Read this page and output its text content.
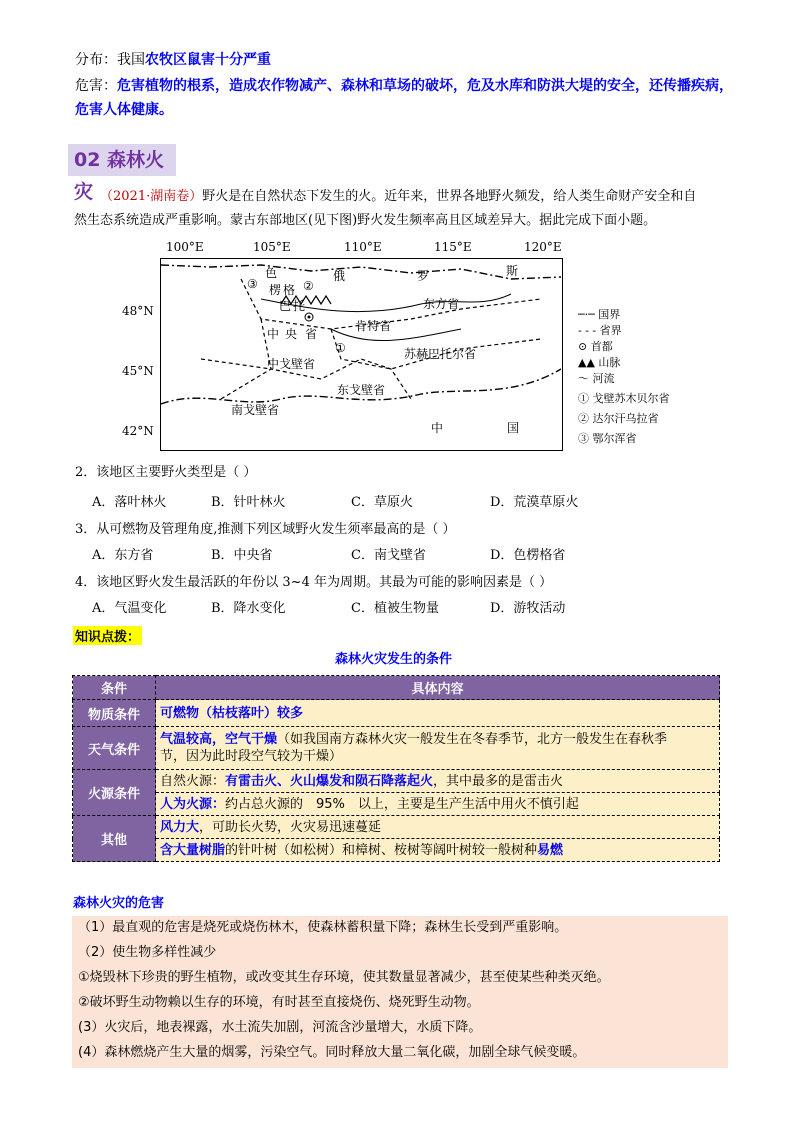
分布：我国农牧区鼠害十分严重
危害：危害植物的根系，造成农作物减产、森林和草场的破坏，危及水库和防洪大堤的安全，还传播疾病，
危害人体健康。
02 森林火灾 （2021·湖南卷）野火是在自然状态下发生的火。近年来，世界各地野火频发，给人类生命财产安全和自
然生态系统造成严重影响。蒙古东部地区(见下图)野火发生频率高且区域差异大。据此完成下面小题。
100°E	105°E	110°E	115°E	120°E
48°N
45°N
42°N
色
楞 格
巴 托
③	②
①
俄	罗	斯
东方省
肯特省
中 央 省
中戈壁省
苏赫巴托尔省
东戈壁省
南戈壁省
中	国
─·─ 国界
- - - 省界
⊙ 首都
▲▲ 山脉
〜 河流
① 戈壁苏木贝尔省
② 达尔汗乌拉省
③ 鄂尔浑省
2．该地区主要野火类型是（ ）
A．落叶林火	B．针叶林火	C．草原火	D．荒漠草原火
3．从可燃物及管理角度,推测下列区域野火发生须率最高的是（ ）
A．东方省	B．中央省	C．南戈壁省	D．色楞格省
4．该地区野火发生最活跃的年份以 3~4 年为周期。其最为可能的影响因素是（ ）
A．气温变化	B．降水变化	C．植被生物量	D．游牧活动
知识点拨：
森林火灾发生的条件
条件	具体内容
物质条件	可燃物（枯枝落叶）较多
天气条件	气温较高，空气干燥（如我国南方森林火灾一般发生在冬春季节，北方一般发生在春秋季
节，因为此时段空气较为干燥）
火源条件	自然火源：有雷击火、火山爆发和陨石降落起火，其中最多的是雷击火
	人为火源：约占总火源的　95%　以上，主要是生产生活中用火不慎引起
其他	风力大，可助长火势，火灾易迅速蔓延
	含大量树脂的针叶树（如松树）和樟树、桉树等阔叶树较一般树种易燃
森林火灾的危害
（1）最直观的危害是烧死或烧伤林木，使森林蓄积量下降；森林生长受到严重影响。
（2）使生物多样性减少
①烧毁林下珍贵的野生植物，或改变其生存环境，使其数量显著减少，甚至使某些种类灭绝。
②破坏野生动物赖以生存的环境，有时甚至直接烧伤、烧死野生动物。
(3）火灾后，地表裸露，水土流失加剧，河流含沙量增大，水质下降。
(4）森林燃烧产生大量的烟雾，污染空气。同时释放大量二氧化碳，加剧全球气候变暖。
